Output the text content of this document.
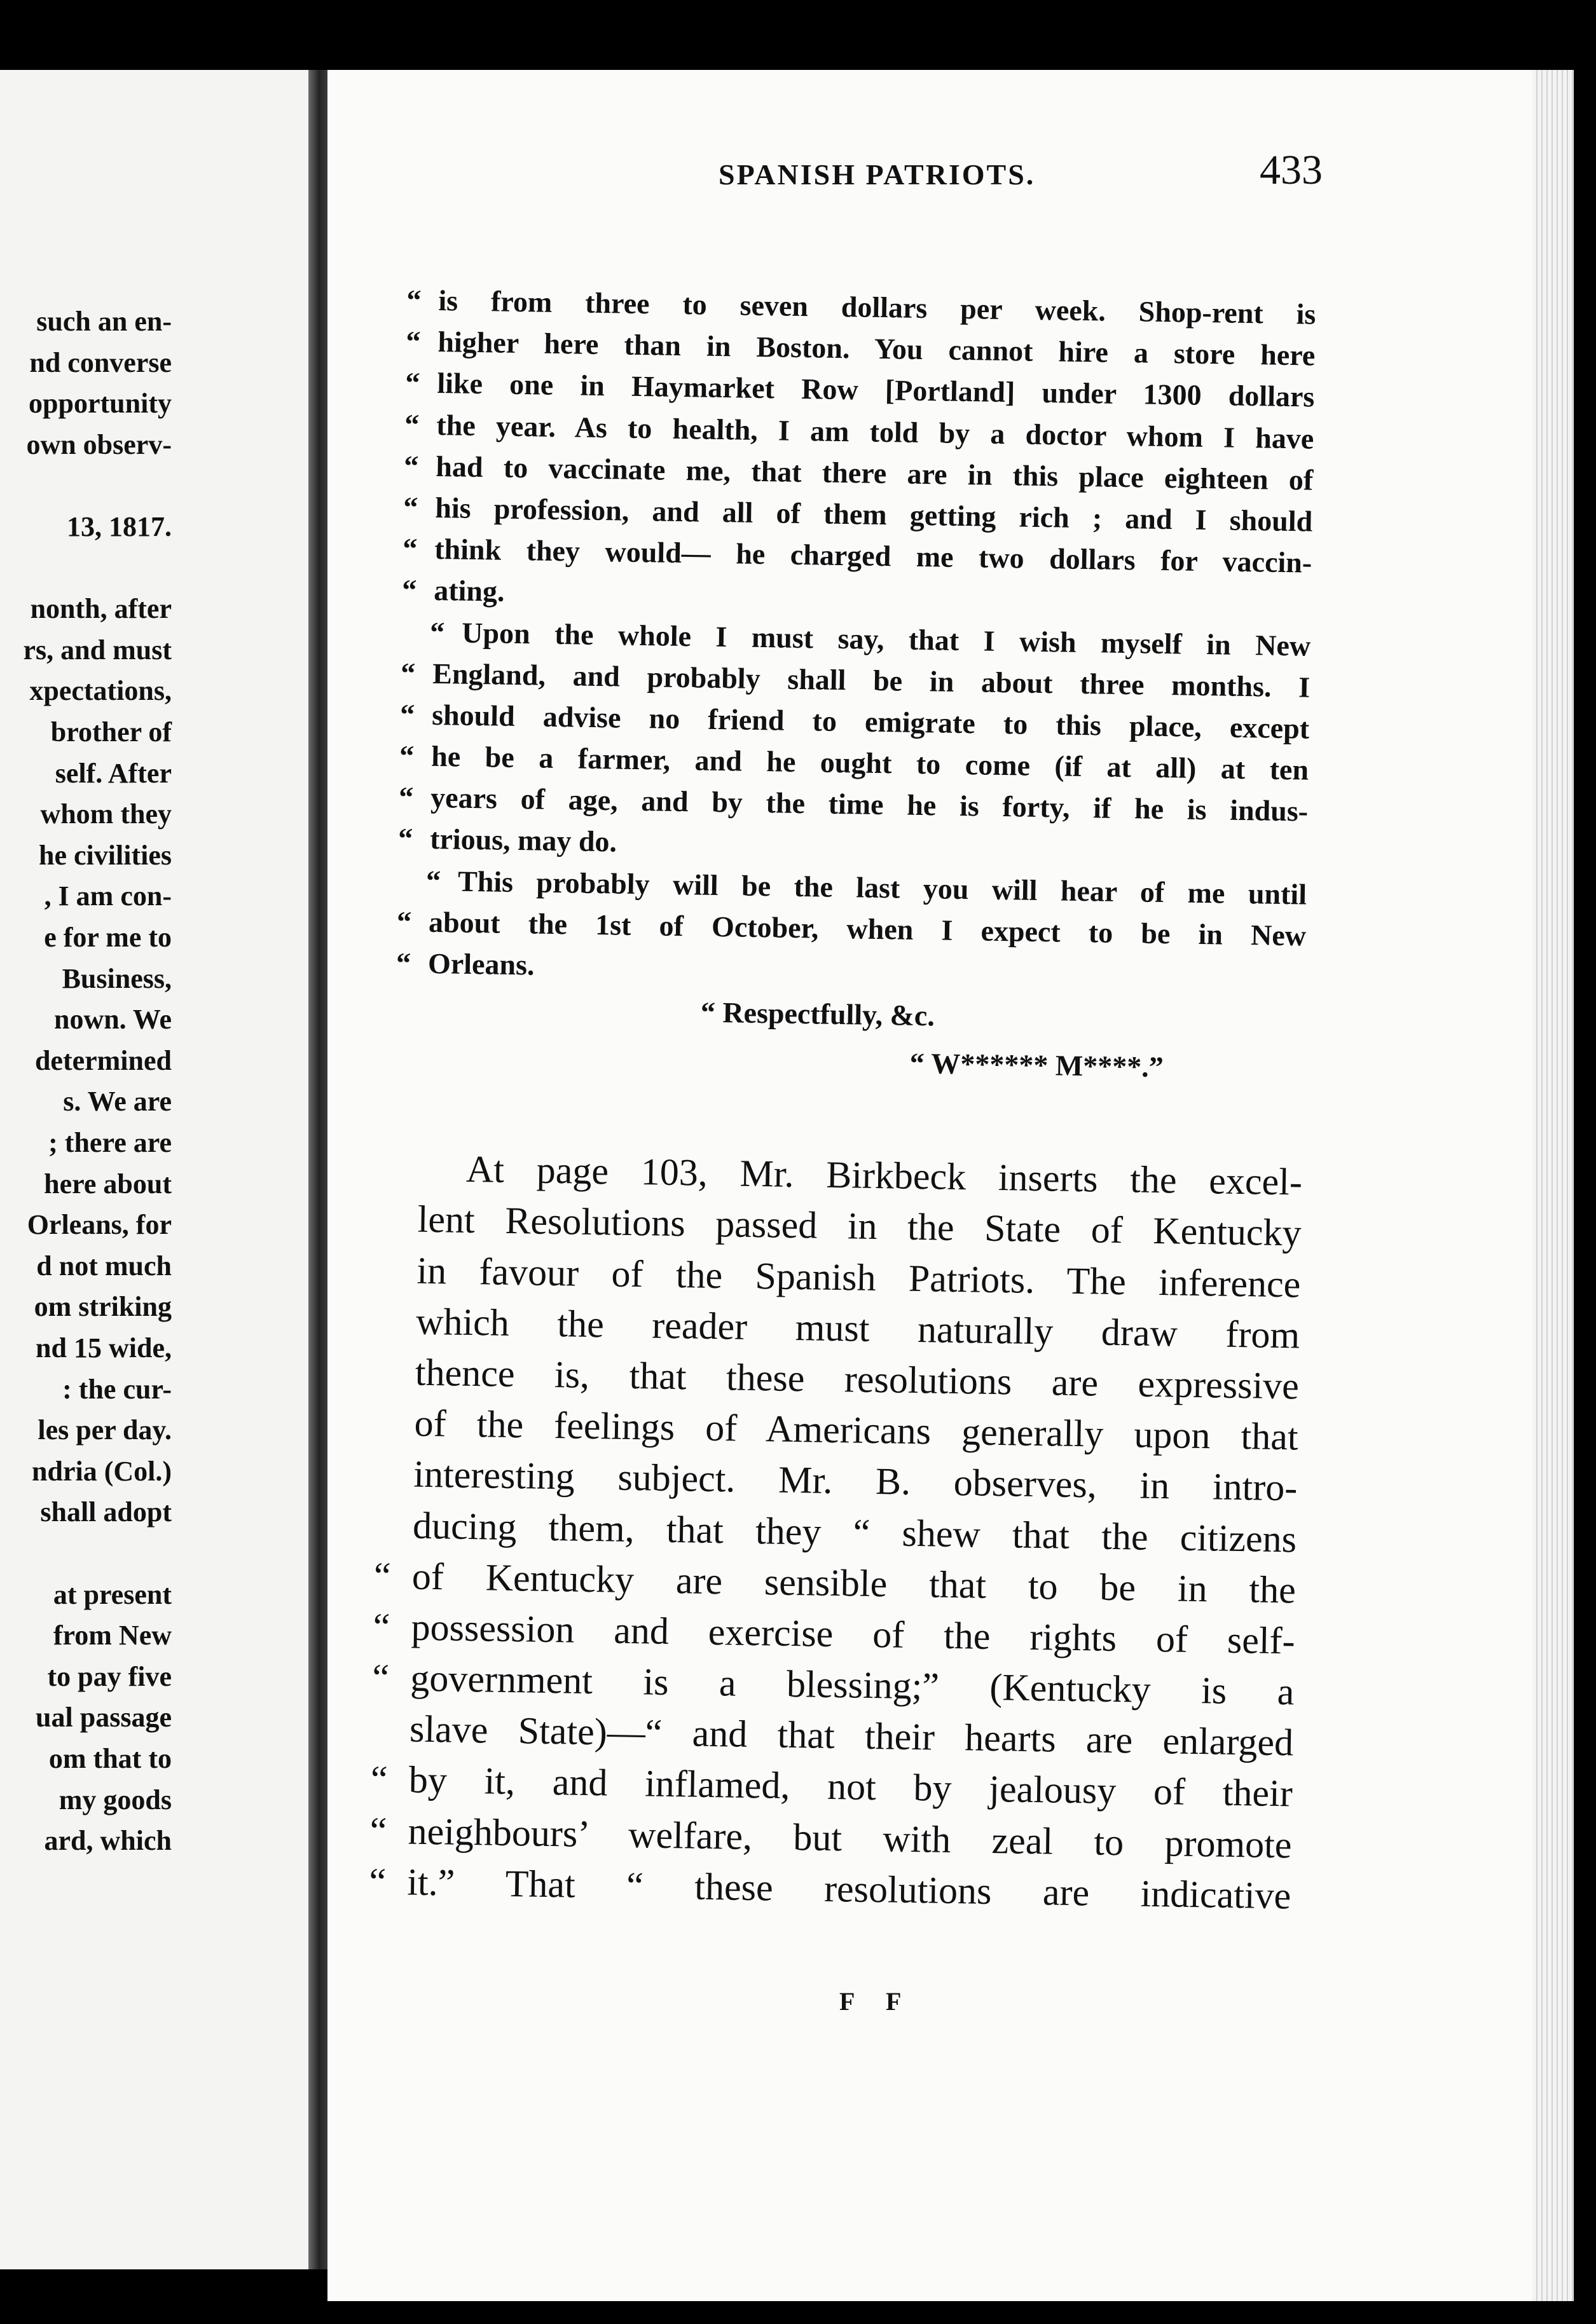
such an en-
nd converse
opportunity
own observ-
13, 1817.
nonth, after
rs, and must
xpectations,
brother of
self. After
whom they
he civilities
, I am con-
e for me to
Business,
nown. We
determined
s. We are
; there are
here about
Orleans, for
d not much
om striking
nd 15 wide,
: the cur-
les per day.
ndria (Col.)
shall adopt
at present
from New
to pay five
ual passage
om that to
my goods
ard, which
SPANISH PATRIOTS.	433
“ is from three to seven dollars per week. Shop-rent is
“ higher here than in Boston. You cannot hire a store here
“ like one in Haymarket Row [Portland] under 1300 dollars
“ the year. As to health, I am told by a doctor whom I have
“ had to vaccinate me, that there are in this place eighteen of
“ his profession, and all of them getting rich ; and I should
“ think they would— he charged me two dollars for vaccin-
“ ating.
“ Upon the whole I must say, that I wish myself in New
“ England, and probably shall be in about three months. I
“ should advise no friend to emigrate to this place, except
“ he be a farmer, and he ought to come (if at all) at ten
“ years of age, and by the time he is forty, if he is indus-
“ trious, may do.
“ This probably will be the last you will hear of me until
“ about the 1st of October, when I expect to be in New
“ Orleans.
“ Respectfully, &c.
“ W****** M****.”
At page 103, Mr. Birkbeck inserts the excel-
lent Resolutions passed in the State of Kentucky
in favour of the Spanish Patriots. The inference
which the reader must naturally draw from
thence is, that these resolutions are expressive
of the feelings of Americans generally upon that
interesting subject. Mr. B. observes, in intro-
ducing them, that they “ shew that the citizens
“ of Kentucky are sensible that to be in the
“ possession and exercise of the rights of self-
“ government is a blessing;” (Kentucky is a
slave State)—“ and that their hearts are enlarged
“ by it, and inflamed, not by jealousy of their
“ neighbours’ welfare, but with zeal to promote
“ it.” That “ these resolutions are indicative
F F
